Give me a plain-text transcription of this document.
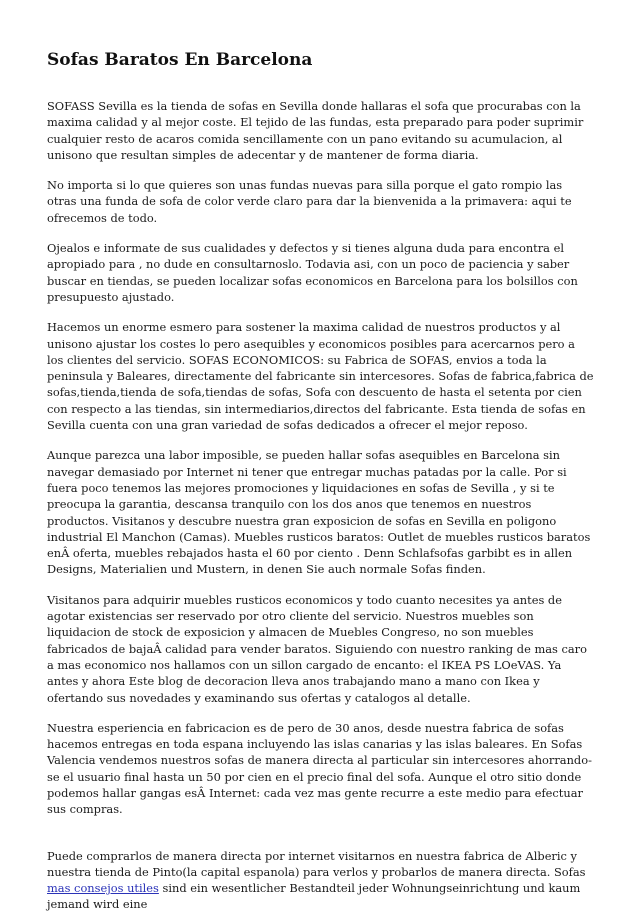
Sofas Baratos En Barcelona

SOFASS Sevilla es la tienda de sofas en Sevilla donde hallaras el sofa que procurabas con la maxima calidad y al mejor coste. El tejido de las fundas, esta preparado para poder suprimir cualquier resto de acaros comida sencillamente con un pano evitando su acumulacion, al unisono que resultan simples de adecentar y de mantener de forma diaria.

No importa si lo que quieres son unas fundas nuevas para silla porque el gato rompio las otras una funda de sofa de color verde claro para dar la bienvenida a la primavera: aqui te ofrecemos de todo.

Ojealos e informate de sus cualidades y defectos y si tienes alguna duda para encontra el apropiado para , no dude en consultarnoslo. Todavia asi, con un poco de paciencia y saber buscar en tiendas, se pueden localizar sofas economicos en Barcelona para los bolsillos con presupuesto ajustado.

Hacemos un enorme esmero para sostener la maxima calidad de nuestros productos y al unisono ajustar los costes lo pero asequibles y economicos posibles para acercarnos pero a los clientes del servicio. SOFAS ECONOMICOS: su Fabrica de SOFAS, envios a toda la peninsula y Baleares, directamente del fabricante sin intercesores. Sofas de fabrica,fabrica de sofas,tienda,tienda de sofa,tiendas de sofas, Sofa con descuento de hasta el setenta por cien con respecto a las tiendas, sin intermediarios,directos del fabricante. Esta tienda de sofas en Sevilla cuenta con una gran variedad de sofas dedicados a ofrecer el mejor reposo.

Aunque parezca una labor imposible, se pueden hallar sofas asequibles en Barcelona sin navegar demasiado por Internet ni tener que entregar muchas patadas por la calle. Por si fuera poco tenemos las mejores promociones y liquidaciones en sofas de Sevilla , y si te preocupa la garantia, descansa tranquilo con los dos anos que tenemos en nuestros productos. Visitanos y descubre nuestra gran exposicion de sofas en Sevilla en poligono industrial El Manchon (Camas). Muebles rusticos baratos: Outlet de muebles rusticos baratos enÂ oferta, muebles rebajados hasta el 60 por ciento . Denn Schlafsofas garbibt es in allen Designs, Materialien und Mustern, in denen Sie auch normale Sofas finden.

Visitanos para adquirir muebles rusticos economicos y todo cuanto necesites ya antes de agotar existencias ser reservado por otro cliente del servicio. Nuestros muebles son liquidacion de stock de exposicion y almacen de Muebles Congreso, no son muebles fabricados de bajaÂ calidad para vender baratos. Siguiendo con nuestro ranking de mas caro a mas economico nos hallamos con un sillon cargado de encanto: el IKEA PS LOeVAS. Ya antes y ahora Este blog de decoracion lleva anos trabajando mano a mano con Ikea y ofertando sus novedades y examinando sus ofertas y catalogos al detalle.

Nuestra esperiencia en fabricacion es de pero de 30 anos, desde nuestra fabrica de sofas hacemos entregas en toda espana incluyendo las islas canarias y las islas baleares. En Sofas Valencia vendemos nuestros sofas de manera directa al particular sin intercesores ahorrando-se el usuario final hasta un 50 por cien en el precio final del sofa. Aunque el otro sitio donde podemos hallar gangas esÂ Internet: cada vez mas gente recurre a este medio para efectuar sus compras.

Puede comprarlos de manera directa por internet visitarnos en nuestra fabrica de Alberic y nuestra tienda de Pinto(la capital espanola) para verlos y probarlos de manera directa. Sofas mas consejos utiles sind ein wesentlicher Bestandteil jeder Wohnungseinrichtung und kaum jemand wird eine
